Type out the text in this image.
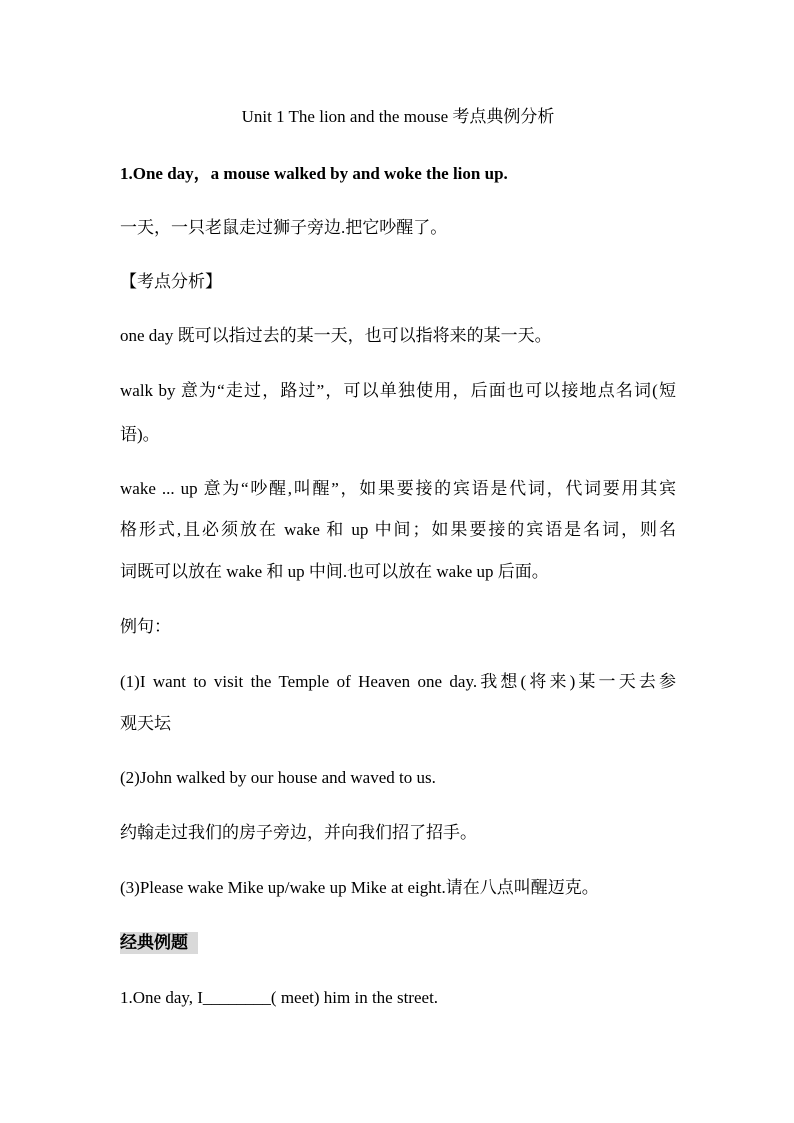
Unit 1 The lion and the mouse 考点典例分析
1.One day，a mouse walked by and woke the lion up.
一天，一只老鼠走过狮子旁边.把它吵醒了。
【考点分析】
one day 既可以指过去的某一天，也可以指将来的某一天。
walk by 意为“走过，路过”，可以单独使用，后面也可以接地点名词(短
语)。
wake ... up 意为“吵醒,叫醒”，如果要接的宾语是代词，代词要用其宾
格形式,且必须放在 wake 和 up 中间；如果要接的宾语是名词，则名
词既可以放在 wake 和 up 中间.也可以放在 wake up 后面。
例句：
(1)I want to visit the Temple of Heaven one day.我想(将来)某一天去参
观天坛
(2)John walked by our house and waved to us.
约翰走过我们的房子旁边，并向我们招了招手。
(3)Please wake Mike up/wake up Mike at eight.请在八点叫醒迈克。
经典例题
1.One day, I________( meet) him in the street.
